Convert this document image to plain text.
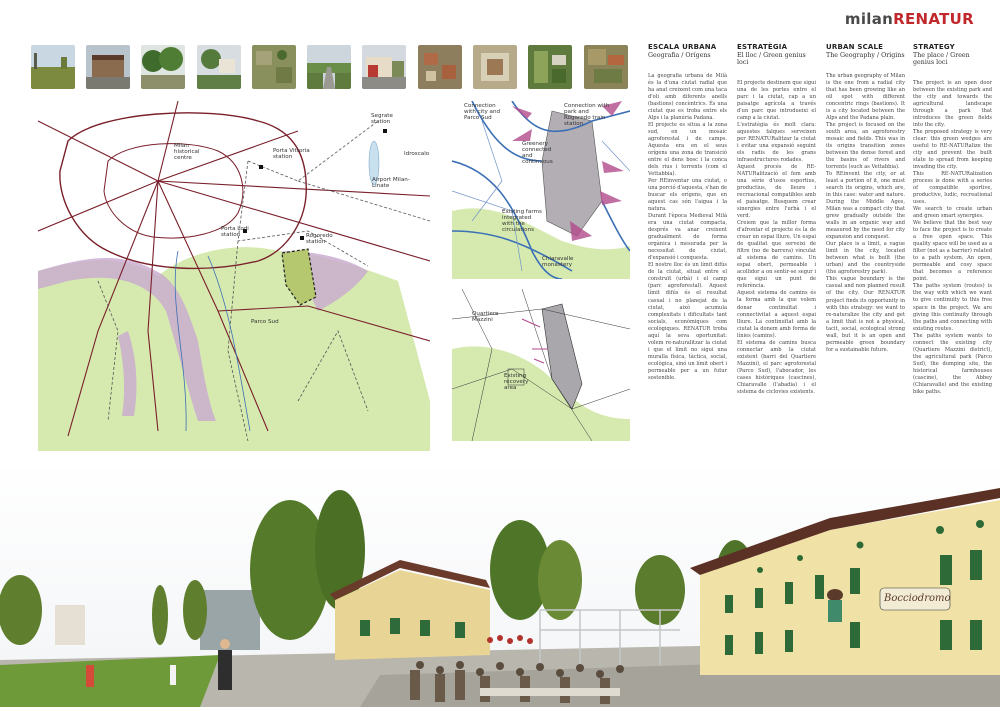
milanRENATUR
Milan historical centre
Porta Vittoria station
Segrate station
Idroscalo
Airport Milan-Linate
Porta Lodi station	Rogoredo station
Parco Sud
Connection with city and Parco Sud
Connection with park and Rogoredo train station
Greenery connected and continuous
Existing farms integrated with the circulations
Chiaravalle monastery
Quartiere Mazzini
Existing recovery area
ESCALA URBANA
Geografia / Orígens

La geografia urbana de Milà és la d'una ciutat radial que ha anat creixent com una taca d'oli amb diferents anells (bastions) concèntrics. És una ciutat que es troba entre els Alps i la planúria Padana.

El projecte es situa a la zona sud, en un mosaic agroforestal i de camps. Aquesta era en el seus orígens una zona de transició entre el dens bosc i la conca dels rius i torrents (com el Vettabbia).

Per REinventar una ciutat, o una porció d'aquesta, s'han de buscar els orígens, que en aquest cas són l'aigua i la natura.

Durant l'època Medieval Milà era una ciutat compacta, després va anar creixent gradualment de forma orgànica i mesurada per la necessitat de ciutat, d'expansió i conquesta.

El nostre lloc és un límit difús de la ciutat, situat entre el construït (urbà) i el camp (parc agroforestal). Aquest límit difús és el resultat casual i no planejat de la ciutat, això acumula complexitats i dificultats tant socials, econòmiques com ecològiques. RENATUR troba aquí la seva oportunitat: volem re-naturalitzar la ciutat i que el límit no sigui una muralla física, tàctica, social, ecològica, sinó un límit obert i permeable per a un futur sostenible.

ESTRATÈGIA
El lloc / Green genius loci

El projecte destinem que sigui una de les portes entre el parc i la ciutat, cap a un paisatge agrícola a través d'un parc que introdueixi el camp a la ciutat.

L'estratègia és molt clara: aquestes falques serveixen per RENATURalitzar la ciutat i evitar una expansió seguint els radis de les grans infraestructures rodades.

Aquest procés de RE-NATURalització el fem amb una sèrie d'usos esportius, productius, de lleure i recreacional compatibles amb el paisatge. Busquem crear sinergies entre l'urbà i el verd.

Creiem que la millor forma d'afrontar el projecte és la de crear un espai lliure. Un espai de qualitat que serveixi de filtre (no de barrera) vinculat al sistema de camins. Un espai obert, permeable i acollidor a on sentir-se segur i que sigui un punt de referència.

Aquest sistema de camins és la forma amb la que volem donar continuïtat i connectivitat a aquest espai lliure. La continuïtat amb la ciutat la donem amb forma de línies (camins).

El sistema de camins busca connectar amb la ciutat existent (barri del Quartiere Mazzini), el parc agroforestal (Parco Sud), l'abocador, les cases històriques (cascines), Chiaravalle (l'abadia) i el sistema de ciclovies existents.

URBAN SCALE
The Geography / Origins

The urban geography of Milan is the one from a radial city that has been growing like an oil spot with different concentric rings (bastions). It is a city located between the Alps and the Padana plain.

The project is focused on the south area, an agroforestry mosaic and fields. This was in its origins transition zones between the dense forest and the basins of rivers and torrents (such as Vettabbia).

To REinvent the city, or at least a portion of it, one must search its origins, which are, in this case: water and nature.

During the Middle Ages, Milan was a compact city that grew gradually outside the walls in an organic way and measured by the need for city expansion and conquest.

Our place is a limit, a vague limit in the city, located between what is built (the urban) and the countryside (the agroforestry park).

This vague boundary is the casual and non planned result of the city. Our RENATUR project finds its opportunity in with this strategy: we want to re-naturalize the city and get a limit that is not a physical, tacit, social, ecological strong wall, but it is an open and permeable green boundary for a sustainable future.

STRATEGY
The place / Green genius loci

The project is an open door between the existing park and the city and towards the agricultural landscape through a park that introduces the green fields into the city.

The proposed strategy is very clear: this green wedges are useful to RE-NATURalize the city and prevent the built state to spread from keeping invading the city.

This RE-NATURalization process is done with a series of compatible sportive, productive, ludic, recreational uses.

We search to create urban and green smart synergies.

We believe that the best way to face the project is to create a free open space. This quality space will be used as a filter (not as a barrier) related to a path system. An open, permeable and cosy space that becomes a reference point.

The paths system (routes) is the way with which we want to give continuity to this free space in the project. We are giving this continuity through the paths and connecting with existing routes.

The paths system wants to connect the existing city (Quartiere Mazzini district), the agricultural park (Parco Sud), the dumping site, the historical farmhouses (cascine), the Abbey (Chiaravalle) and the existing bike paths.

Bocciodromo
